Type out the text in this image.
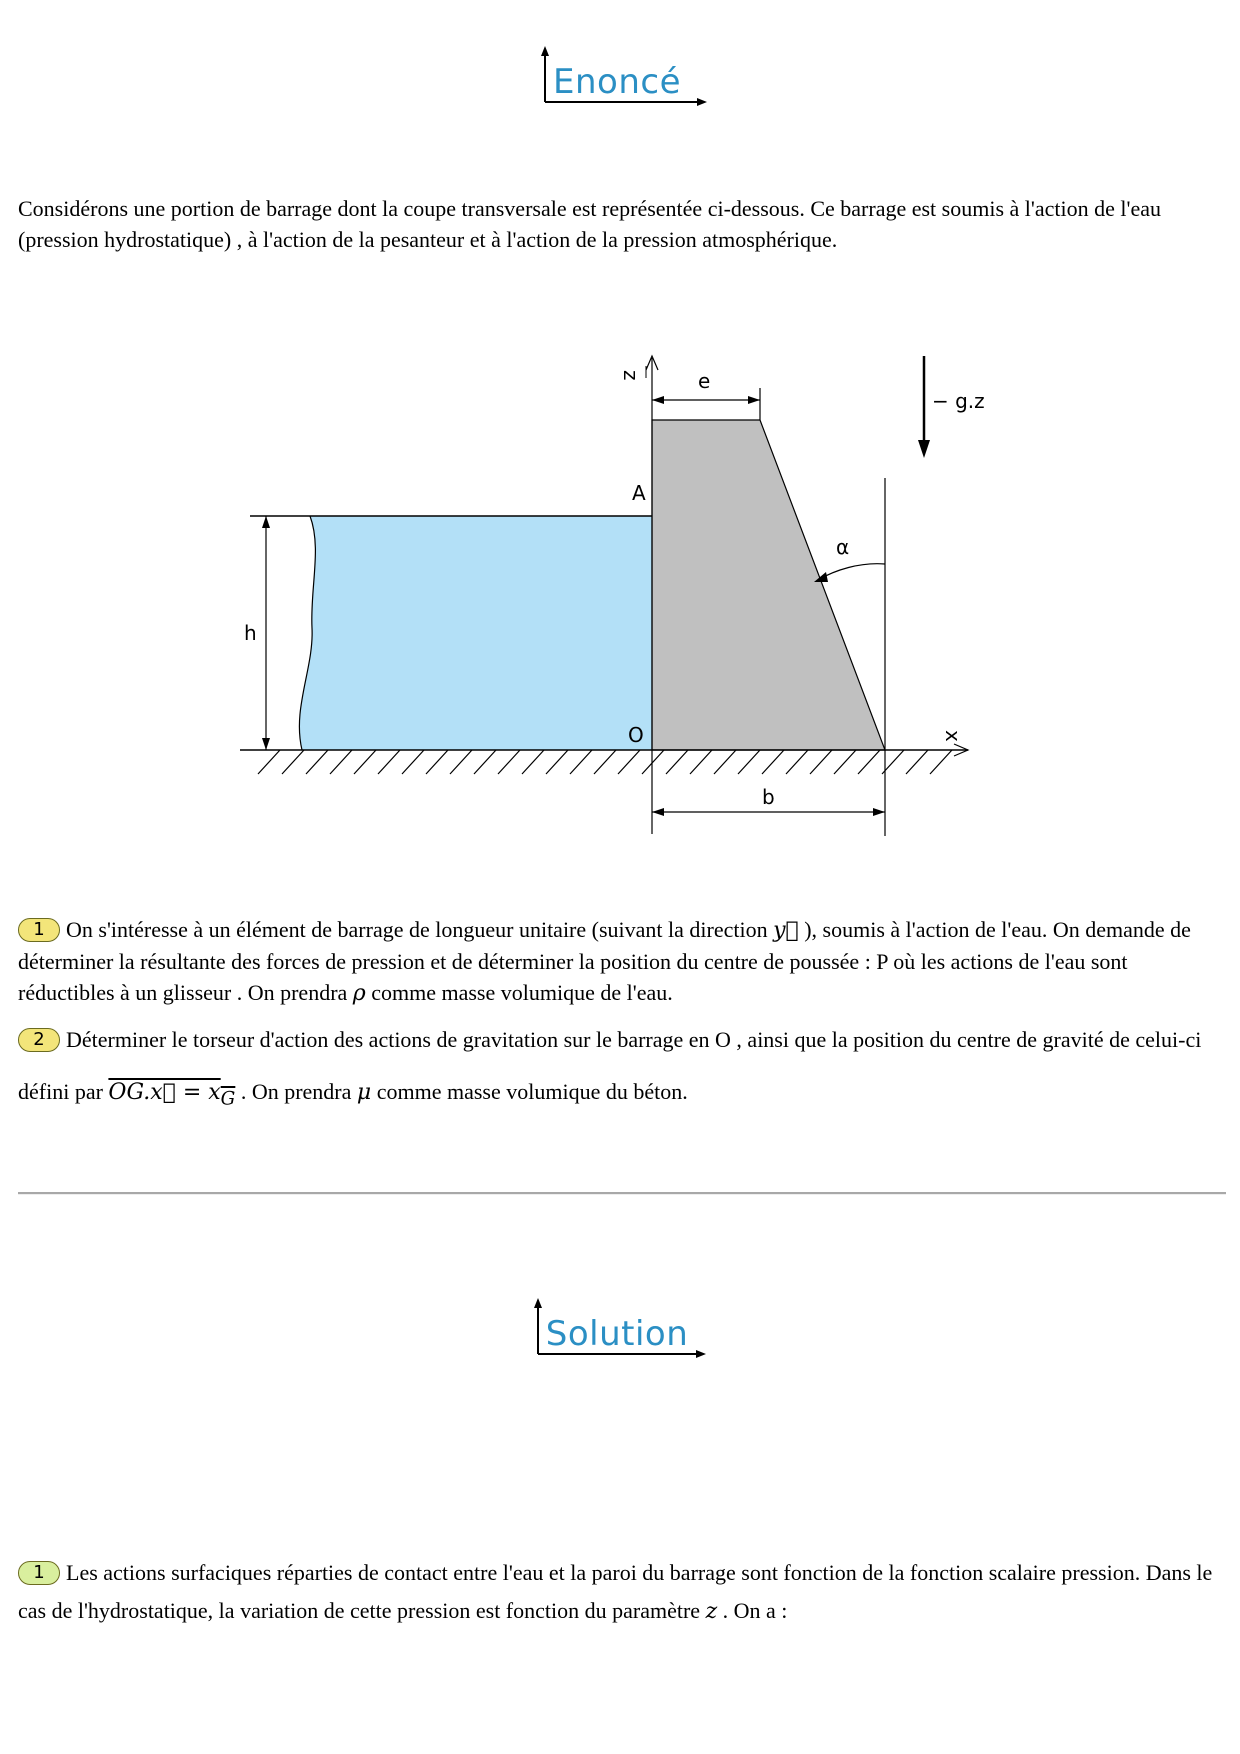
Enoncé
Considérons une portion de barrage dont la coupe transversale est représentée ci-dessous. Ce barrage est soumis à l'action de l'eau (pression hydrostatique) , à l'action de la pesanteur et à l'action de la pression atmosphérique.
z
x
e
b
h
A
O
α
− g.z
1 On s'intéresse à un élément de barrage de longueur unitaire (suivant la direction y⃗ ), soumis à l'action de l'eau. On demande de déterminer la résultante des forces de pression et de déterminer la position du centre de poussée : P où les actions de l'eau sont réductibles à un glisseur . On prendra ρ comme masse volumique de l'eau.
2 Déterminer le torseur d'action des actions de gravitation sur le barrage en O , ainsi que la position du centre de gravité de celui-ci défini par OG.x⃗ = $x_G$ . On prendra μ comme masse volumique du béton.
Solution
1 Les actions surfaciques réparties de contact entre l'eau et la paroi du barrage sont fonction de la fonction scalaire pression. Dans le cas de l'hydrostatique, la variation de cette pression est fonction du paramètre z . On a :
